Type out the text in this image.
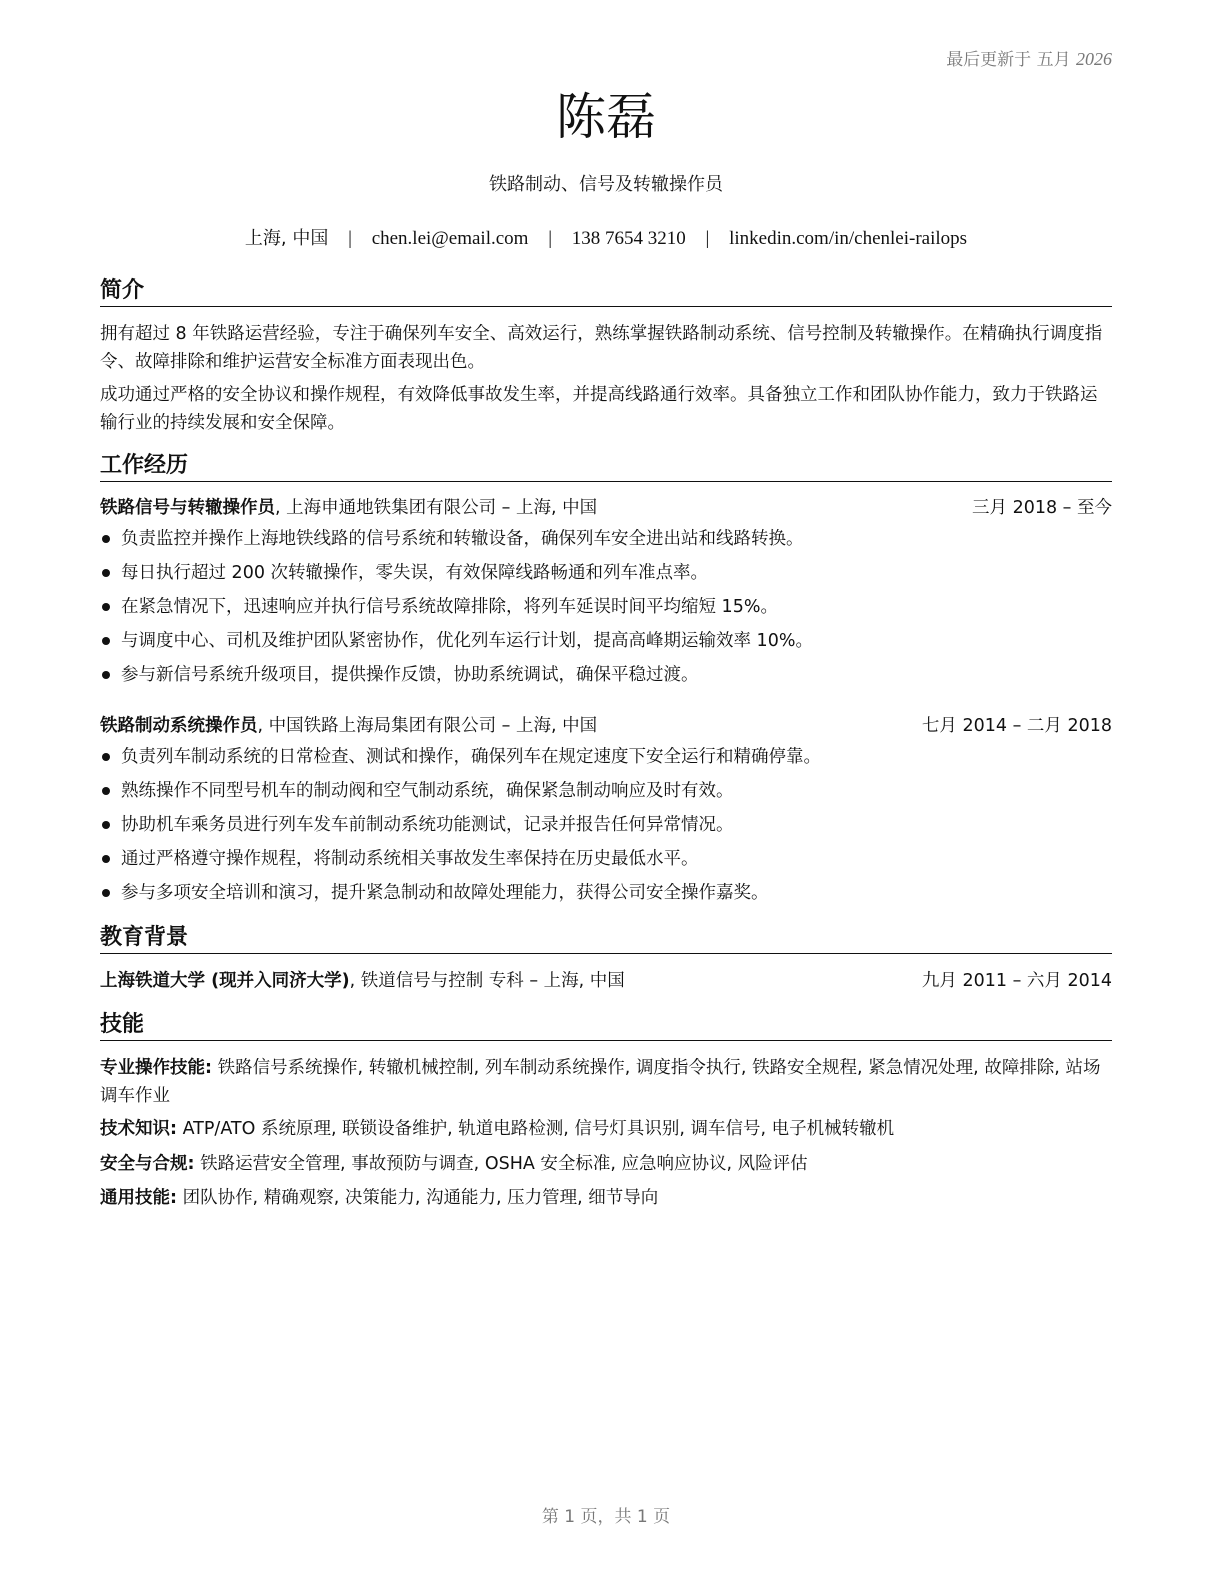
最后更新于 五月 2026
陈磊
铁路制动、信号及转辙操作员
上海, 中国 | chen.lei@email.com | 138 7654 3210 | linkedin.com/in/chenlei-railops
简介
拥有超过 8 年铁路运营经验，专注于确保列车安全、高效运行，熟练掌握铁路制动系统、信号控制及转辙操作。在精确执行调度指令、故障排除和维护运营安全标准方面表现出色。
成功通过严格的安全协议和操作规程，有效降低事故发生率，并提高线路通行效率。具备独立工作和团队协作能力，致力于铁路运输行业的持续发展和安全保障。
工作经历
铁路信号与转辙操作员, 上海申通地铁集团有限公司 – 上海, 中国	三月 2018 – 至今
负责监控并操作上海地铁线路的信号系统和转辙设备，确保列车安全进出站和线路转换。
每日执行超过 200 次转辙操作，零失误，有效保障线路畅通和列车准点率。
在紧急情况下，迅速响应并执行信号系统故障排除，将列车延误时间平均缩短 15%。
与调度中心、司机及维护团队紧密协作，优化列车运行计划，提高高峰期运输效率 10%。
参与新信号系统升级项目，提供操作反馈，协助系统调试，确保平稳过渡。
铁路制动系统操作员, 中国铁路上海局集团有限公司 – 上海, 中国	七月 2014 – 二月 2018
负责列车制动系统的日常检查、测试和操作，确保列车在规定速度下安全运行和精确停靠。
熟练操作不同型号机车的制动阀和空气制动系统，确保紧急制动响应及时有效。
协助机车乘务员进行列车发车前制动系统功能测试，记录并报告任何异常情况。
通过严格遵守操作规程，将制动系统相关事故发生率保持在历史最低水平。
参与多项安全培训和演习，提升紧急制动和故障处理能力，获得公司安全操作嘉奖。
教育背景
上海铁道大学 (现并入同济大学), 铁道信号与控制 专科 – 上海, 中国	九月 2011 – 六月 2014
技能
专业操作技能: 铁路信号系统操作, 转辙机械控制, 列车制动系统操作, 调度指令执行, 铁路安全规程, 紧急情况处理, 故障排除, 站场调车作业
技术知识: ATP/ATO 系统原理, 联锁设备维护, 轨道电路检测, 信号灯具识别, 调车信号, 电子机械转辙机
安全与合规: 铁路运营安全管理, 事故预防与调查, OSHA 安全标准, 应急响应协议, 风险评估
通用技能: 团队协作, 精确观察, 决策能力, 沟通能力, 压力管理, 细节导向
第 1 页，共 1 页
